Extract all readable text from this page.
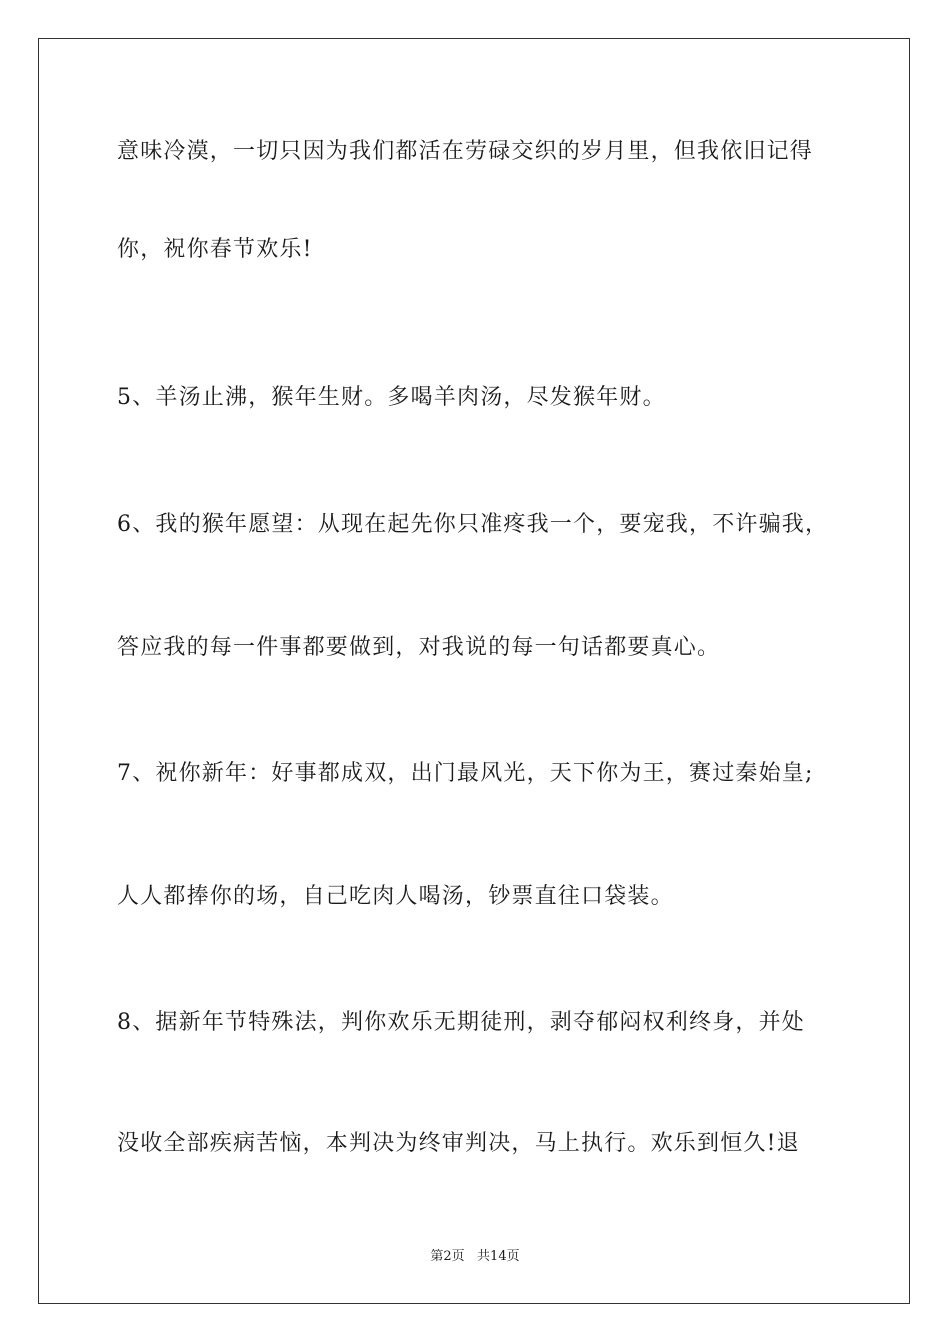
意味冷漠，一切只因为我们都活在劳碌交织的岁月里，但我依旧记得
你，祝你春节欢乐!
5、羊汤止沸，猴年生财。多喝羊肉汤，尽发猴年财。
6、我的猴年愿望：从现在起先你只准疼我一个，要宠我，不许骗我，
答应我的每一件事都要做到，对我说的每一句话都要真心。
7、祝你新年：好事都成双，出门最风光，天下你为王，赛过秦始皇;
人人都捧你的场，自己吃肉人喝汤，钞票直往口袋装。
8、据新年节特殊法，判你欢乐无期徒刑，剥夺郁闷权利终身，并处
没收全部疾病苦恼，本判决为终审判决，马上执行。欢乐到恒久!退
第2页   共14页
